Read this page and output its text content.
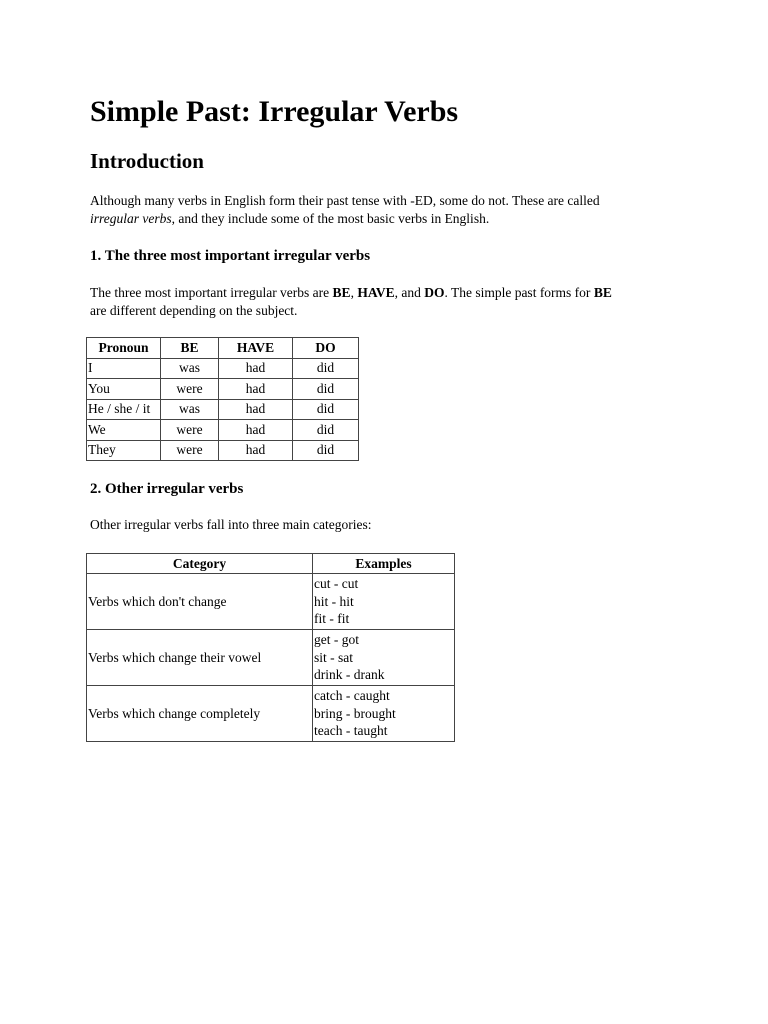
Simple Past: Irregular Verbs
Introduction

Although many verbs in English form their past tense with -ED, some do not. These are called
irregular verbs, and they include some of the most basic verbs in English.

1. The three most important irregular verbs

The three most important irregular verbs are BE, HAVE, and DO. The simple past forms for BE
are different depending on the subject.

Pronoun	BE	HAVE	DO
I	was	had	did
You	were	had	did
He / she / it	was	had	did
We	were	had	did
They	were	had	did
2. Other irregular verbs

Other irregular verbs fall into three main categories:

Category	Examples
Verbs which don't change	cut - cut
hit - hit
fit - fit

Verbs which change their vowel	get - got
sit - sat
drink - drank

Verbs which change completely	catch - caught
bring - brought
teach - taught
